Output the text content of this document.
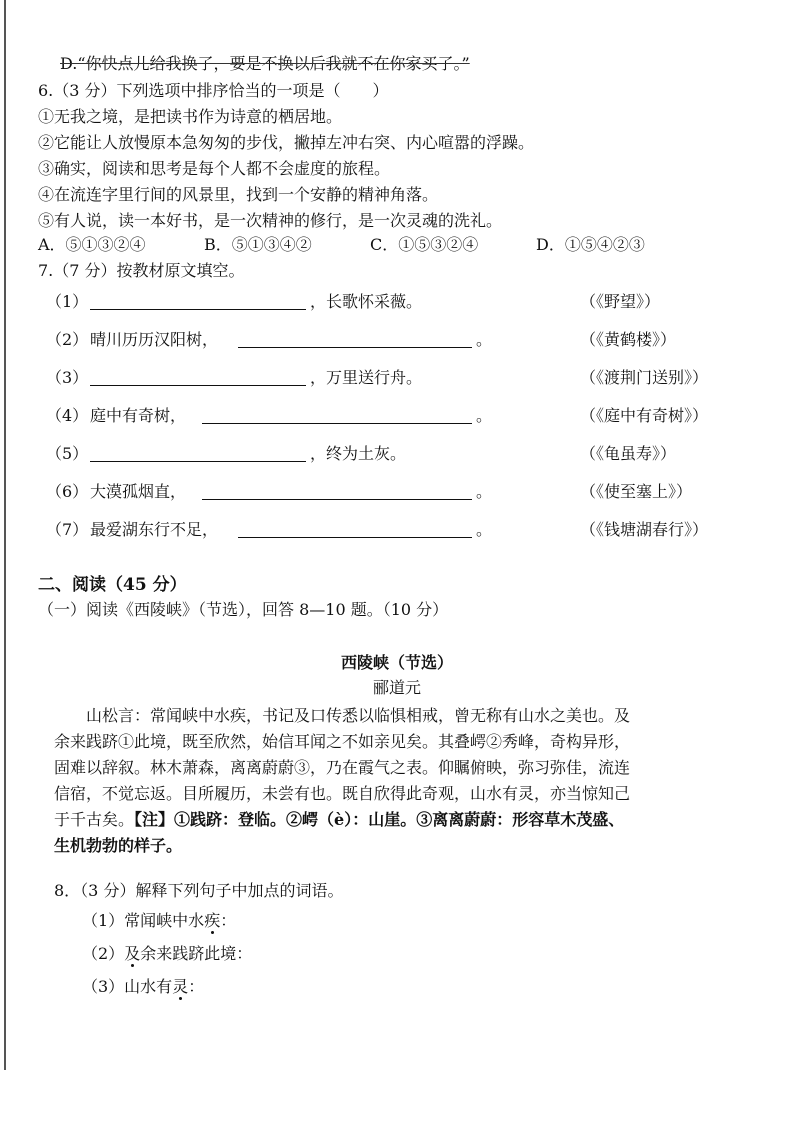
D.“你快点儿给我换了，要是不换以后我就不在你家买了。”
6.（3 分）下列选项中排序恰当的一项是（　　）
①无我之境，是把读书作为诗意的栖居地。
②它能让人放慢原本急匆匆的步伐，撇掉左冲右突、内心喧嚣的浮躁。
③确实，阅读和思考是每个人都不会虚度的旅程。
④在流连字里行间的风景里，找到一个安静的精神角落。
⑤有人说，读一本好书，是一次精神的修行，是一次灵魂的洗礼。
A．⑤①③②④	B．⑤①③④②	C．①⑤③②④	D．①⑤④②③
7.（7 分）按教材原文填空。
（1）	，长歌怀采薇。	（《野望》）
（2） 晴川历历汉阳树，	。	（《黄鹤楼》）
（3）	，万里送行舟。	（《渡荆门送别》）
（4） 庭中有奇树，	。	（《庭中有奇树》）
（5）	，终为土灰。	（《龟虽寿》）
（6） 大漠孤烟直，	。	（《使至塞上》）
（7） 最爱湖东行不足，	。	（《钱塘湖春行》）
二、阅读（45 分）
（一）阅读《西陵峡》（节选），回答 8—10 题。（10 分）
西陵峡（节选）
郦道元
山松言：常闻峡中水疾，书记及口传悉以临惧相戒，曾无称有山水之美也。及
余来践跻①此境，既至欣然，始信耳闻之不如亲见矣。其叠崿②秀峰，奇构异形，
固难以辞叙。林木萧森，离离蔚蔚③，乃在霞气之表。仰瞩俯映，弥习弥佳，流连
信宿，不觉忘返。目所履历，未尝有也。既自欣得此奇观，山水有灵，亦当惊知己
于千古矣。【注】①践跻：登临。②崿（è）：山崖。③离离蔚蔚：形容草木茂盛、
生机勃勃的样子。
8．（3 分）解释下列句子中加点的词语。
（1）常闻峡中水疾：
（2）及余来践跻此境：
（3）山水有灵：
